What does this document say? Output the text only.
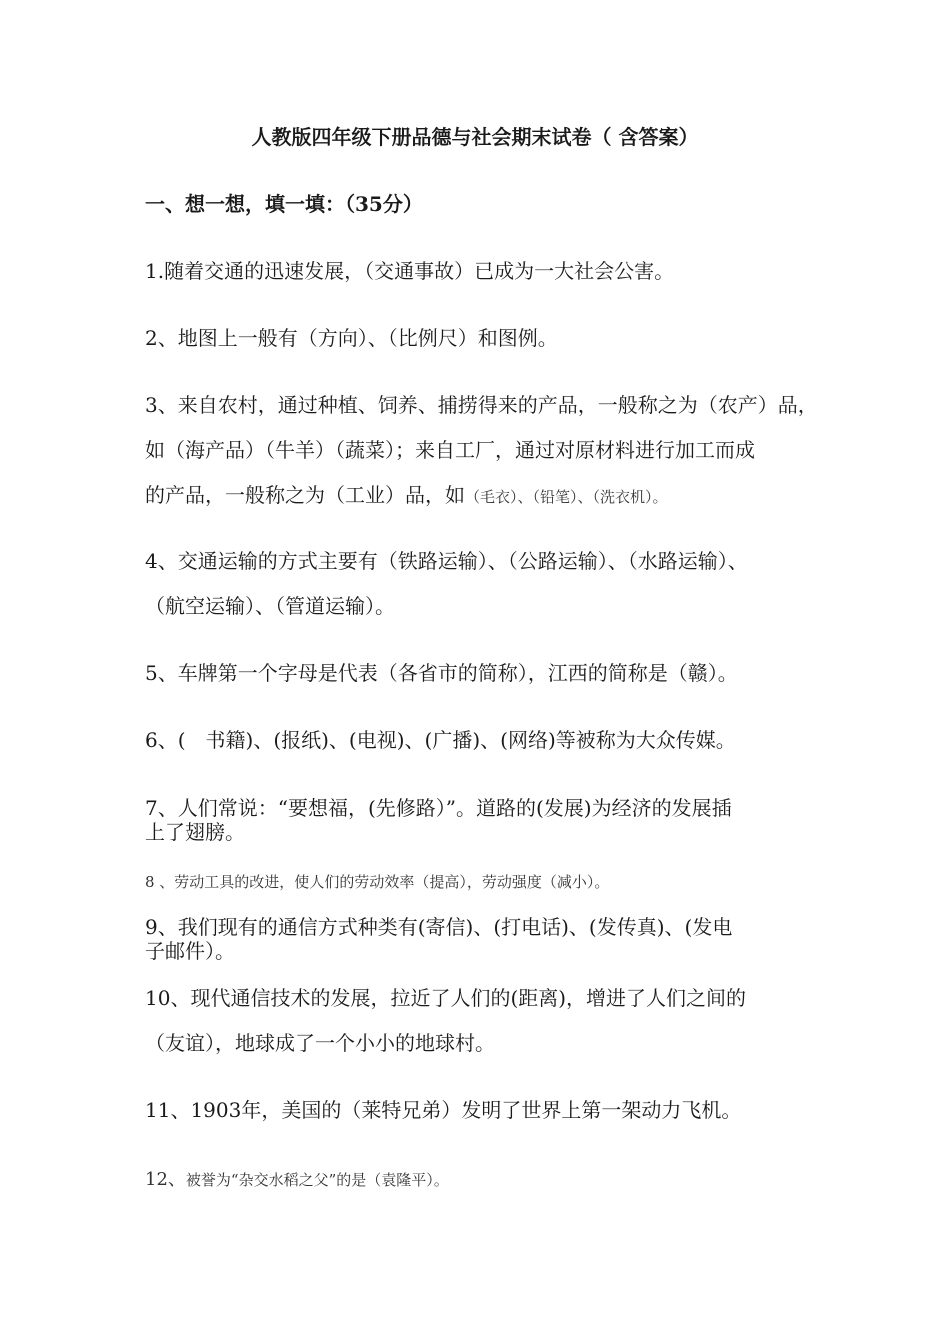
人教版四年级下册品德与社会期末试卷（ 含答案）
一、想一想，填一填：（35分）
1.随着交通的迅速发展，（交通事故）已成为一大社会公害。
2、地图上一般有（方向）、（比例尺）和图例。
3、来自农村，通过种植、饲养、捕捞得来的产品，一般称之为（农产）品，
如（海产品）（牛羊）（蔬菜）；来自工厂，通过对原材料进行加工而成
的产品，一般称之为（工业）品，如（毛衣）、（铅笔）、（洗衣机）。
4、交通运输的方式主要有（铁路运输）、（公路运输）、（水路运输）、
（航空运输）、（管道运输）。
5、车牌第一个字母是代表（各省市的简称），江西的简称是（赣）。
6、(　书籍)、(报纸)、(电视)、(广播)、(网络)等被称为大众传媒。
7、人们常说：“要想福，(先修路）”。道路的(发展)为经济的发展插
上了翅膀。
8 、劳动工具的改进，使人们的劳动效率（提高），劳动强度（减小）。
9、我们现有的通信方式种类有(寄信)、(打电话)、(发传真)、(发电
子邮件）。
10、现代通信技术的发展，拉近了人们的(距离)，增进了人们之间的
（友谊），地球成了一个小小的地球村。
11、1903年，美国的（莱特兄弟）发明了世界上第一架动力飞机。
12、被誉为“杂交水稻之父”的是（袁隆平）。
